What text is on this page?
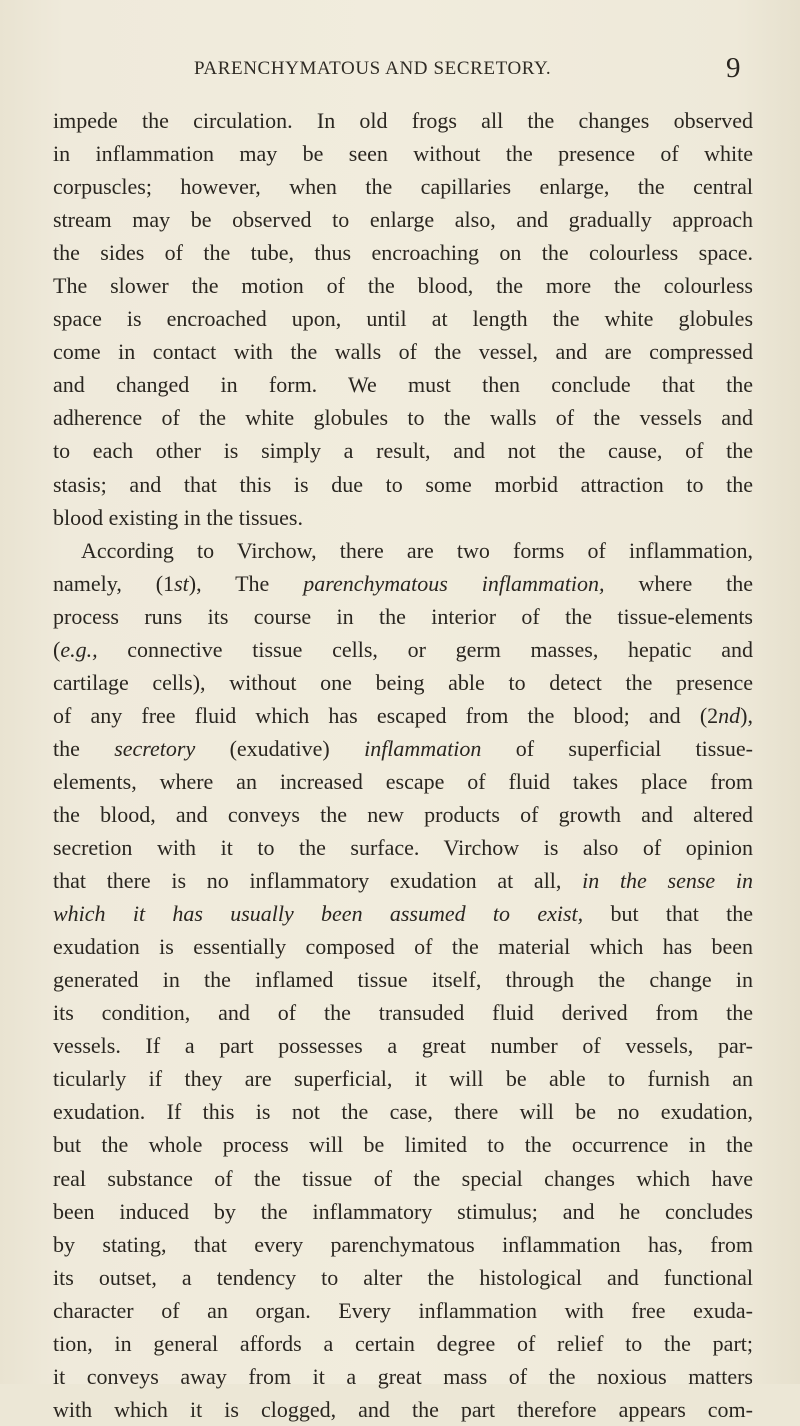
PARENCHYMATOUS AND SECRETORY.	9
impede the circulation. In old frogs all the changes observed
in inflammation may be seen without the presence of white
corpuscles; however, when the capillaries enlarge, the central
stream may be observed to enlarge also, and gradually approach
the sides of the tube, thus encroaching on the colourless space.
The slower the motion of the blood, the more the colourless
space is encroached upon, until at length the white globules
come in contact with the walls of the vessel, and are compressed
and changed in form. We must then conclude that the
adherence of the white globules to the walls of the vessels and
to each other is simply a result, and not the cause, of the
stasis; and that this is due to some morbid attraction to the
blood existing in the tissues.
According to Virchow, there are two forms of inflammation,
namely, (1st), The parenchymatous inflammation, where the
process runs its course in the interior of the tissue-elements
(e.g., connective tissue cells, or germ masses, hepatic and
cartilage cells), without one being able to detect the presence
of any free fluid which has escaped from the blood; and (2nd),
the secretory (exudative) inflammation of superficial tissue-
elements, where an increased escape of fluid takes place from
the blood, and conveys the new products of growth and altered
secretion with it to the surface. Virchow is also of opinion
that there is no inflammatory exudation at all, in the sense in
which it has usually been assumed to exist, but that the
exudation is essentially composed of the material which has been
generated in the inflamed tissue itself, through the change in
its condition, and of the transuded fluid derived from the
vessels. If a part possesses a great number of vessels, par-
ticularly if they are superficial, it will be able to furnish an
exudation. If this is not the case, there will be no exudation,
but the whole process will be limited to the occurrence in the
real substance of the tissue of the special changes which have
been induced by the inflammatory stimulus; and he concludes
by stating, that every parenchymatous inflammation has, from
its outset, a tendency to alter the histological and functional
character of an organ. Every inflammation with free exuda-
tion, in general affords a certain degree of relief to the part;
it conveys away from it a great mass of the noxious matters
with which it is clogged, and the part therefore appears com-
